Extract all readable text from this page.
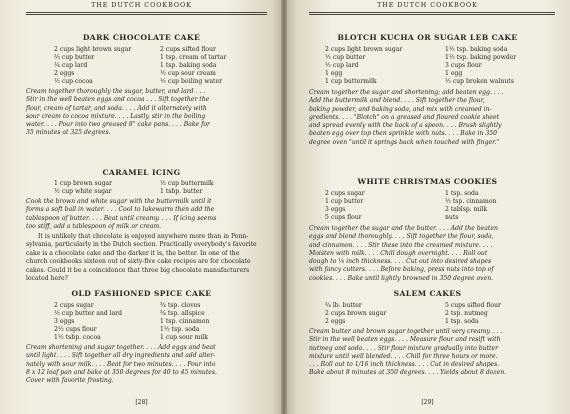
THE DUTCH COOKBOOK
DARK CHOCOLATE CAKE
2 cups light brown sugar
⅔ cup butter
¼ cup lard
2 eggs
½ cup cocoa
2 cups sifted flour
1 tsp. cream of tartar
1 tsp. baking soda
½ cup sour cream
½ cup boiling water
Cream together thoroughly the sugar, butter, and lard . . .
Stir in the well beaten eggs and cocoa . . . Sift together the
flour, cream of tartar, and soda. . . . Add it alternately with
sour cream to cocoa mixture. . . . Lastly, stir in the boiling
water. . . . Pour into two greased 8" cake pans. . . . Bake for
35 minutes at 325 degrees.
CARAMEL ICING
1 cup brown sugar
½ cup white sugar
½ cup buttermilk
1 tsbp. butter
Cook the brown and white sugar with the buttermilk until it
forms a soft ball in water. . . . Cool to lukewarm then add the
tablespoon of butter. . . . Beat until creamy. . . . If icing seems
too stiff, add a tablespoon of milk or cream.
It is unlikely that chocolate is enjoyed anywhere more than in Penn-
sylvania, particularly in the Dutch section. Practically everybody's favorite
cake is a chocolate cake and the darker it is, the better. In one of the
church cookbooks sixteen out of sixty-five cake recipes are for chocolate
cakes. Could it be a coincidence that three big chocolate manufacturers
located here?
OLD FASHIONED SPICE CAKE
2 cups sugar
½ cup butter and lard
3 eggs
2½ cups flour
1½ tsbp. cocoa
¾ tsp. cloves
¾ tsp. allspice
1 tsp. cinnamon
1½ tsp. soda
1 cup sour milk
Cream shortening and sugar together. . . . Add eggs and beat
until light. . . . Sift together all dry ingredients and add alter-
nately with sour milk. . . . Beat for two minutes. . . . Pour into
8 x 12 loaf pan and bake at 350 degrees for 40 to 45 minutes.
Cover with favorite frosting.
[28]
THE DUTCH COOKBOOK
BLOTCH KUCHA OR SUGAR LEB CAKE
2 cups light brown sugar
½ cup butter
½ cup lard
1 egg
1 cup buttermilk
1½ tsp. baking soda
1½ tsp. baking powder
3 cups flour
1 egg
½ cup broken walnuts
Cream together the sugar and shortening; add beaten egg. . . .
Add the buttermilk and blend. . . . Sift together the flour,
baking powder, and baking soda, and mix with creamed in-
gredients. . . . "Blotch" on a greased and floured cookie sheet
and spread evenly with the back of a spoon. . . . Brush slightly
beaten egg over top then sprinkle with nuts. . . . Bake in 350
degree oven "until it springs back when touched with finger."
WHITE CHRISTMAS COOKIES
2 cups sugar
1 cup butter
3 eggs
5 cups flour
1 tsp. soda
½ tsp. cinnamon
2 tablsp. milk
nuts
Cream together the sugar and the butter. . . . Add the beaten
eggs and blend thoroughly. . . . Sift together the flour, soda,
and cinnamon. . . . Stir these into the creamed mixture. . . .
Moisten with milk. . . . Chill dough overnight. . . . Roll out
dough to ⅛ inch thickness. . . . Cut out into desired shapes
with fancy cutters. . . . Before baking, press nuts into top of
cookies. . . . Bake until lightly browned in 350 degree oven.
SALEM CAKES
¾ lb. butter
2 cups brown sugar
2 eggs
5 cups sifted flour
2 tsp. nutmeg
1 tsp. soda
Cream butter and brown sugar together until very creamy. . . .
Stir in the well beaten eggs. . . . Measure flour and resift with
nutmeg and soda. . . . Stir flour mixture gradually into butter
mixture until well blended. . . . Chill for three hours or more.
. . . Roll out to 1/16 inch thickness. . . . Cut in desired shapes.
Bake about 8 minutes at 350 degrees. . . . Yields about 8 dozen.
[29]
